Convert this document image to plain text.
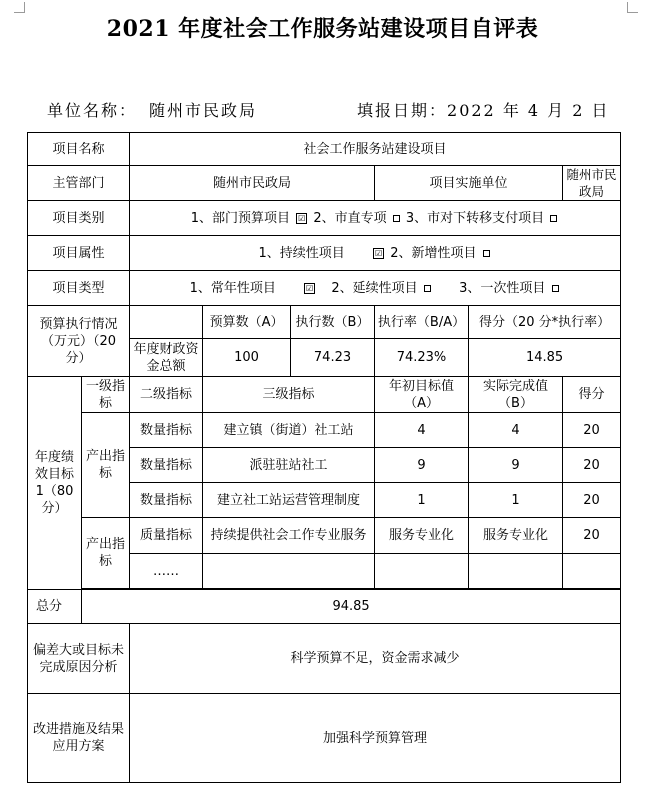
2021 年度社会工作服务站建设项目自评表
单位名称： 随州市民政局	填报日期：2022 年 4 月 2 日
项目名称		社会工作服务站建设项目					
主管部门		随州市民政局			项目实施单位		随州市民政局
项目类别		1、部门预算项目 ☑ 2、市直专项 3、市对下转移支付项目					
项目属性		1、持续性项目 ☑ 2、新增性项目					
项目类型		1、常年性项目 ☑ 2、延续性项目 3、一次性项目					
预算执行情况（万元）（20 分）			预算数（A）	执行数（B）	执行率（B/A）	得分（20 分*执行率）	
		年度财政资金总额	100	74.23	74.23%	14.85	
年度绩效目标 1（80 分）	一级指标	二级指标	三级指标		年初目标值（A）	实际完成值（B）	得分
	产出指标	数量指标	建立镇（街道）社工站		4	4	20
		数量指标	派驻驻站社工		9	9	20
		数量指标	建立社工站运营管理制度		1	1	20
	产出指标	质量指标	持续提供社会工作专业服务		服务专业化	服务专业化	20
		……					

总分	94.85						
偏差大或目标未完成原因分析		科学预算不足，资金需求减少					
改进措施及结果应用方案		加强科学预算管理					
